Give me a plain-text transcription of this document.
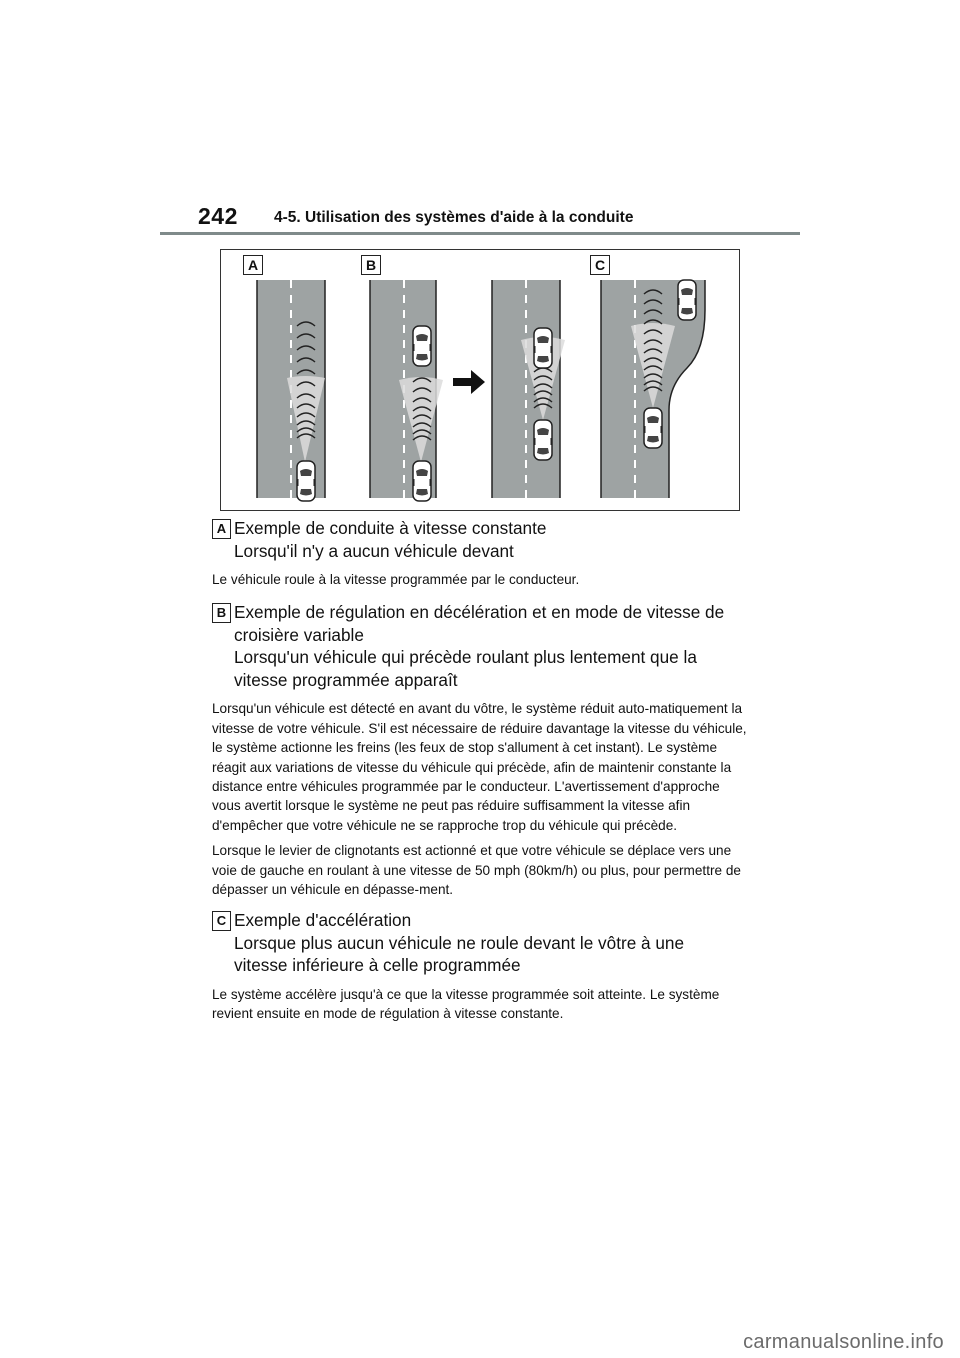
242 4-5. Utilisation des systèmes d'aide à la conduite
A	B	C
A Exemple de conduite à vitesse constante
Lorsqu'il n'y a aucun véhicule devant

Le véhicule roule à la vitesse programmée par le conducteur.

B Exemple de régulation en décélération et en mode de vitesse de
croisière variable
Lorsqu'un véhicule qui précède roulant plus lentement que la
vitesse programmée apparaît

Lorsqu'un véhicule est détecté en avant du vôtre, le système réduit auto-matiquement la vitesse de votre véhicule. S'il est nécessaire de réduire davantage la vitesse du véhicule, le système actionne les freins (les feux de stop s'allument à cet instant). Le système réagit aux variations de vitesse du véhicule qui précède, afin de maintenir constante la distance entre véhicules programmée par le conducteur. L'avertissement d'approche vous avertit lorsque le système ne peut pas réduire suffisamment la vitesse afin d'empêcher que votre véhicule ne se rapproche trop du véhicule qui précède.

Lorsque le levier de clignotants est actionné et que votre véhicule se déplace vers une voie de gauche en roulant à une vitesse de 50 mph (80km/h) ou plus, pour permettre de dépasser un véhicule en dépasse-ment.

C Exemple d'accélération
Lorsque plus aucun véhicule ne roule devant le vôtre à une
vitesse inférieure à celle programmée

Le système accélère jusqu'à ce que la vitesse programmée soit atteinte. Le système revient ensuite en mode de régulation à vitesse constante.

carmanualsonline.info
